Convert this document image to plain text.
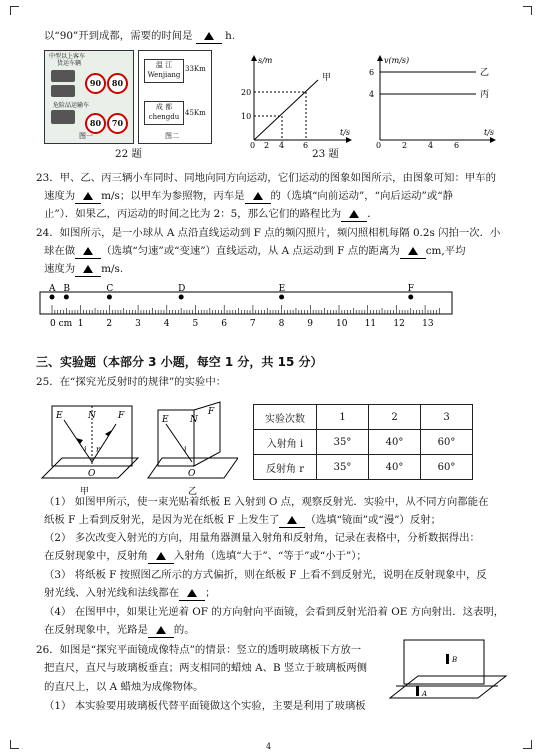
以“90”开到成都，需要的时间是	h.
中型以上客车
货运车辆
90	80
危险品运输车
80	70
图一
温 江
Wenjiang
33Km
成 都
chengdu 45Km
图二
22 题
s/m
t/s
甲
20
10
0 2 4 6
v(m/s)
t/s
乙
丙
6
4
0	2	4	6
23 题
23．甲、乙、丙三辆小车同时、同地向同方向运动，它们运动的图象如图所示，由图象可知：甲车的
速度为	m/s；以甲车为参照物，丙车是	的（选填“向前运动”，“向后运动”或“静
止”）．如果乙，丙运动的时间之比为 2：5，那么它们的路程比为	．
24．如图所示，是一小球从 A 点沿直线运动到 F 点的频闪照片，频闪照相机每隔 0.2s 闪拍一次．小
球在做	（选填“匀速”或“变速”）直线运动，从 A 点运动到 F 点的距离为	cm,平均
速度为	m/s.
0 cm 1	2	3	4	5	6	7	8	9	10 11 12 13
A B	C	D	E	F
三、实验题（本部分 3 小题，每空 1 分，共 15 分）
25．在“探究光反射时的规律”的实验中：
E	N F
i r
O
甲
E N
F
i
O
乙
实验次数	1	2	3
入射角 i	35°	40°	60°
反射角 r	35°	40°	60°
（1） 如图甲所示，使一束光贴着纸板 E 入射到 O 点，观察反射光．实验中，从不同方向都能在
纸板 F 上看到反射光，是因为光在纸板 F 上发生了	（选填“镜面”或“漫”）反射；
（2） 多次改变入射光的方向，用量角器测量入射角和反射角，记录在表格中，分析数据得出：
在反射现象中，反射角	入射角（选填“大于”、“等于”或“小于”）；
（3） 将纸板 F 按照图乙所示的方式偏折，则在纸板 F 上看不到反射光，说明在反射现象中，反
射光线、入射光线和法线都在	；
（4） 在图甲中，如果让光逆着 OF 的方向射向平面镜，会看到反射光沿着 OE 方向射出．这表明，
在反射现象中，光路是	的。
26．如图是“探究平面镜成像特点”的情景：竖立的透明玻璃板下方放一
把直尺，直尺与玻璃板垂直；两支相同的蜡烛 A、B 竖立于玻璃板两侧
的直尺上，以 A 蜡烛为成像物体。
（1） 本实验要用玻璃板代替平面镜做这个实验，主要是利用了玻璃板
A
B
4
